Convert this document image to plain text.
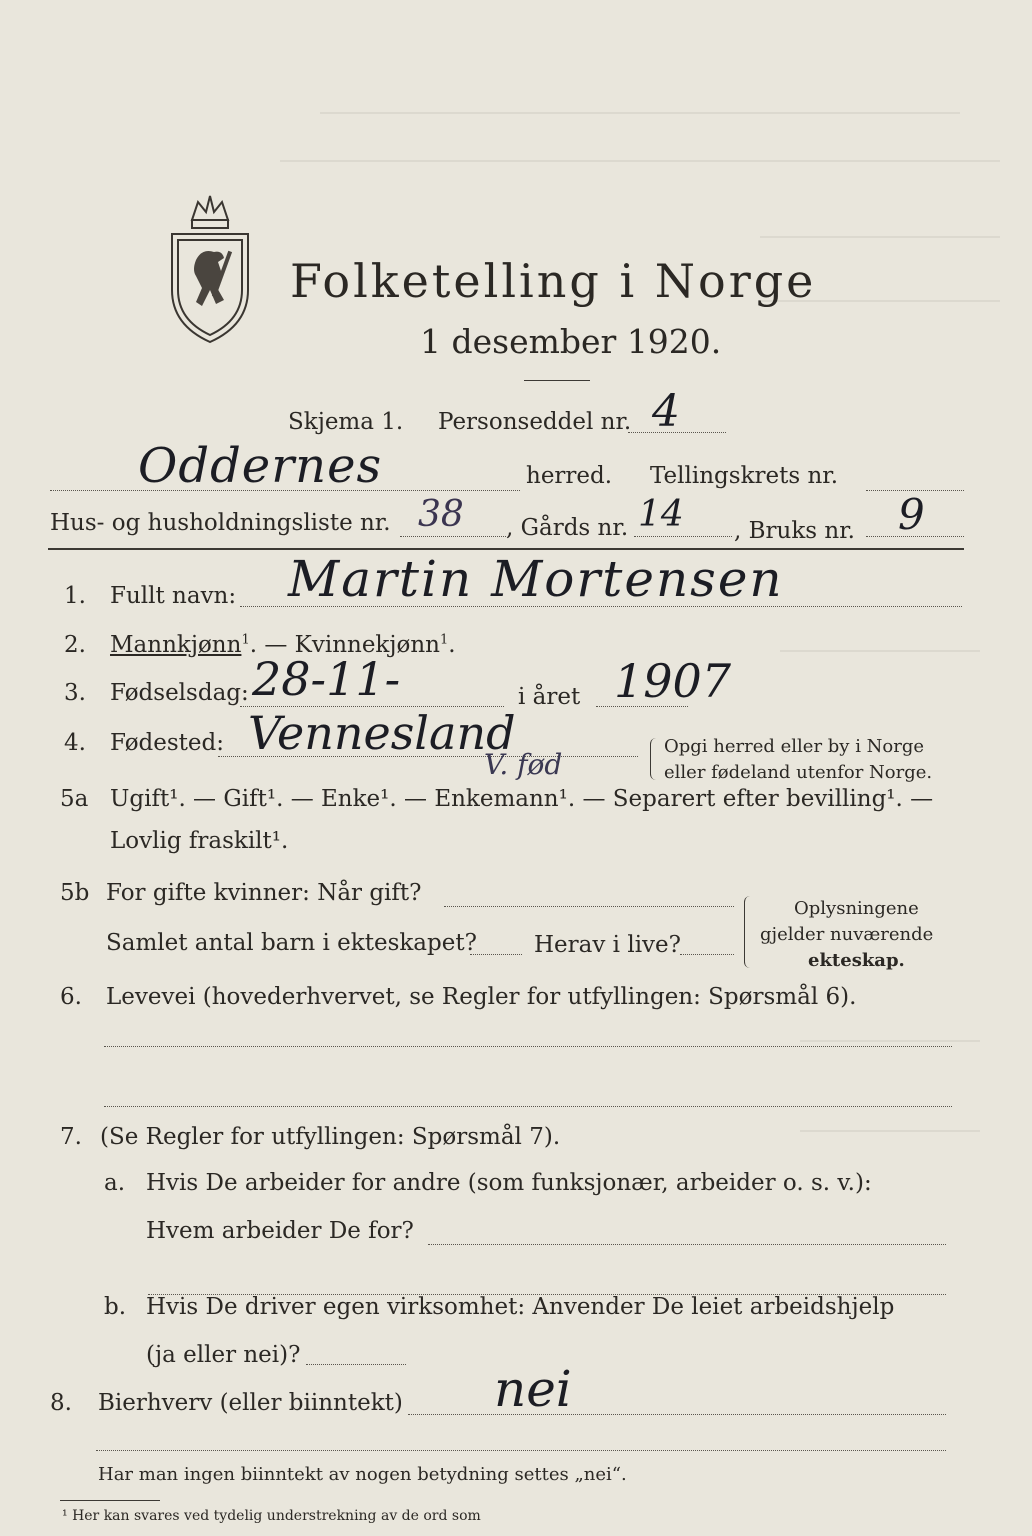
Folketelling i Norge
1 desember 1920.
Skjema 1. Personseddel nr. 4
Oddernes	herred. Tellingskrets nr.
Hus- og husholdningsliste nr. 38 , Gårds nr. 14 , Bruks nr. 9
1. Fullt navn: Martin Mortensen
2. Mannkjønn$^1$. — Kvinnekjønn$^1$.
3. Fødselsdag: 28-11-	i året 1907
4. Fødested: Vennesland	Opgi herred eller by i Norge
eller fødeland utenfor Norge.
5a Ugift¹. — Gift¹. — Enke¹. — Enkemann¹. — Separert efter bevilling¹. —
V. fød
Lovlig fraskilt¹.
5b For gifte kvinner: Når gift?
Samlet antal barn i ekteskapet? Herav i live?
Oplysningene
gjelder nuværende
ekteskap.
6. Levevei (hovederhvervet, se Regler for utfyllingen: Spørsmål 6).
7. (Se Regler for utfyllingen: Spørsmål 7).
a. Hvis De arbeider for andre (som funksjonær, arbeider o. s. v.):
Hvem arbeider De for?
b. Hvis De driver egen virksomhet: Anvender De leiet arbeidshjelp
(ja eller nei)?
8. Bierhverv (eller biinntekt) nei
Har man ingen biinntekt av nogen betydning settes „nei“.
¹ Her kan svares ved tydelig understrekning av de ord som
